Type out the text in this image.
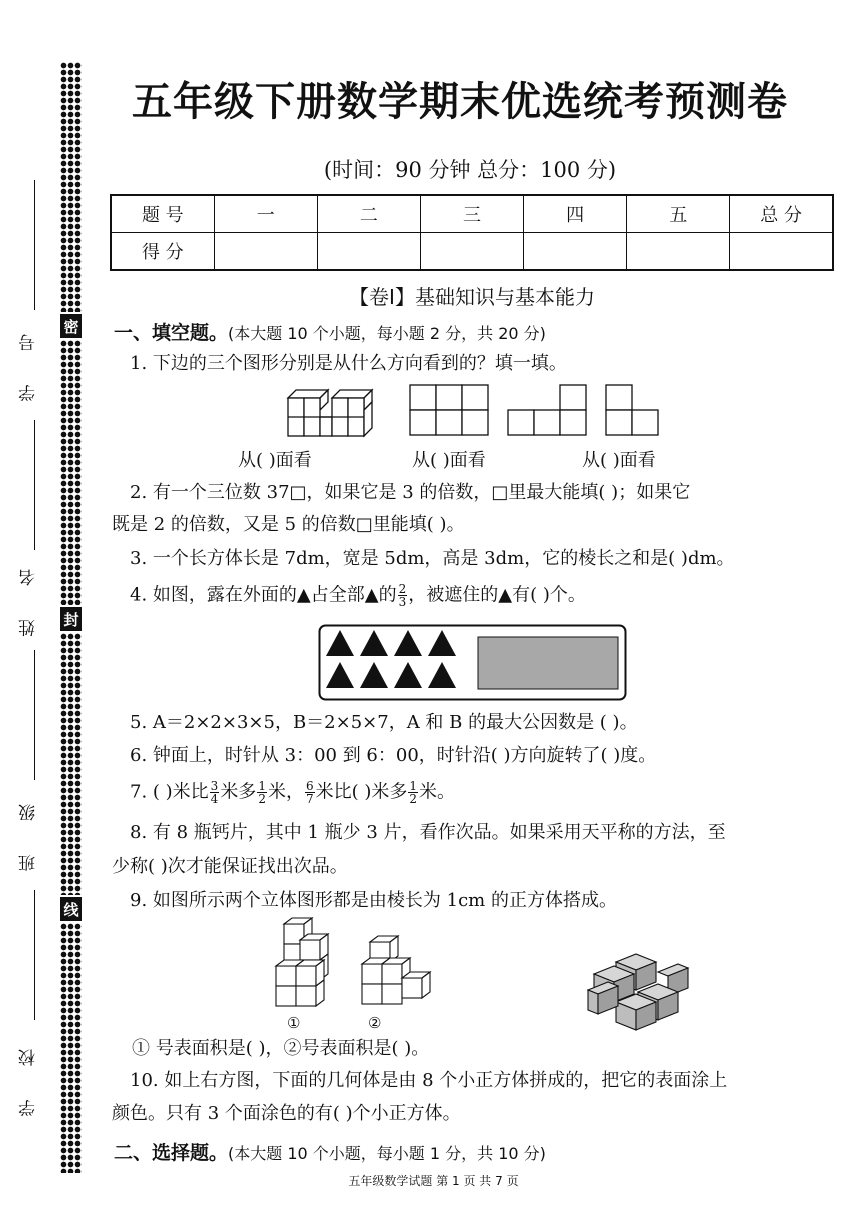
密
封
线
学 号
姓 名
班 级
学 校
五年级下册数学期末优选统考预测卷
(时间：90 分钟 总分：100 分)
题 号	一	二	三	四	五	总 分
得 分						
【卷Ⅰ】基础知识与基本能力
一、填空题。(本大题 10 个小题，每小题 2 分，共 20 分)
1. 下边的三个图形分别是从什么方向看到的？填一填。
从( )面看	从( )面看	从( )面看
2. 有一个三位数 37□，如果它是 3 的倍数，□里最大能填( )；如果它
既是 2 的倍数，又是 5 的倍数□里能填( )。
3. 一个长方体长是 7dm，宽是 5dm，高是 3dm，它的棱长之和是( )dm。
4. 如图，露在外面的▲占全部▲的 $\frac{2}{3}$ ，被遮住的▲有( )个。
5. A＝2×2×3×5，B＝2×5×7，A 和 B 的最大公因数是 ( )。
6. 钟面上，时针从 3：00 到 6：00，时针沿( )方向旋转了( )度。
7. ( )米比 $\frac{3}{4}$ 米多 $\frac{1}{2}$ 米， $\frac{6}{7}$ 米比( )米多 $\frac{1}{2}$ 米。
8. 有 8 瓶钙片，其中 1 瓶少 3 片，看作次品。如果采用天平称的方法，至
少称( )次才能保证找出次品。
9. 如图所示两个立体图形都是由棱长为 1cm 的正方体搭成。
①	②
① 号表面积是( )，②号表面积是( )。
10. 如上右方图，下面的几何体是由 8 个小正方体拼成的，把它的表面涂上
颜色。只有 3 个面涂色的有( )个小正方体。
二、选择题。(本大题 10 个小题，每小题 1 分，共 10 分)
五年级数学试题 第 1 页 共 7 页
